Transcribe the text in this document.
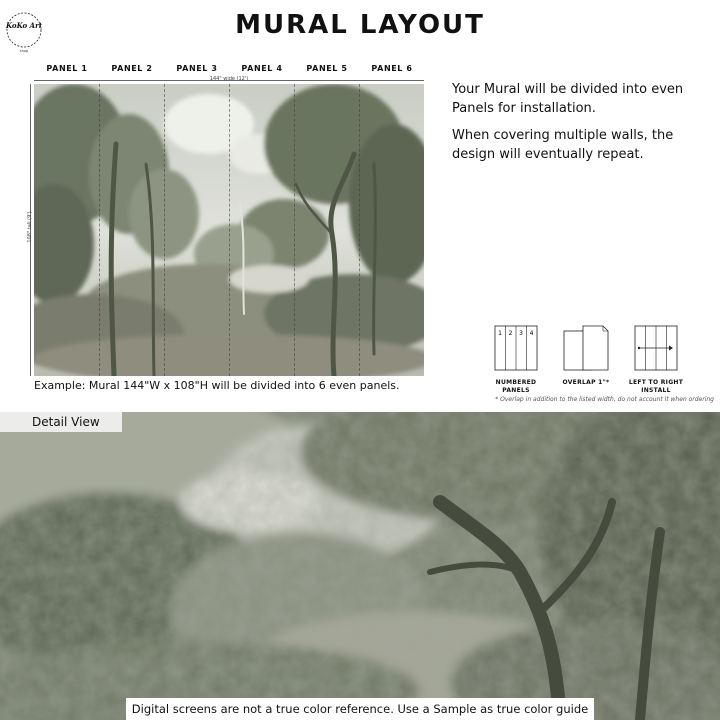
KoKo Art
shop
MURAL LAYOUT
PANEL 1	PANEL 2	PANEL 3	PANEL 4	PANEL 5	PANEL 6
144" wide (12')
108" tall (9')
Example: Mural 144"W x 108"H will be divided into 6 even panels.

Your Mural will be divided into even Panels for installation.

When covering multiple walls, the design will eventually repeat.

1 2 3 4
NUMBERED PANELS
OVERLAP 1"*	LEFT TO RIGHT
INSTALL
* Overlap in addition to the listed width, do not account it when ordering
Detail View
Digital screens are not a true color reference. Use a Sample as true color guide
